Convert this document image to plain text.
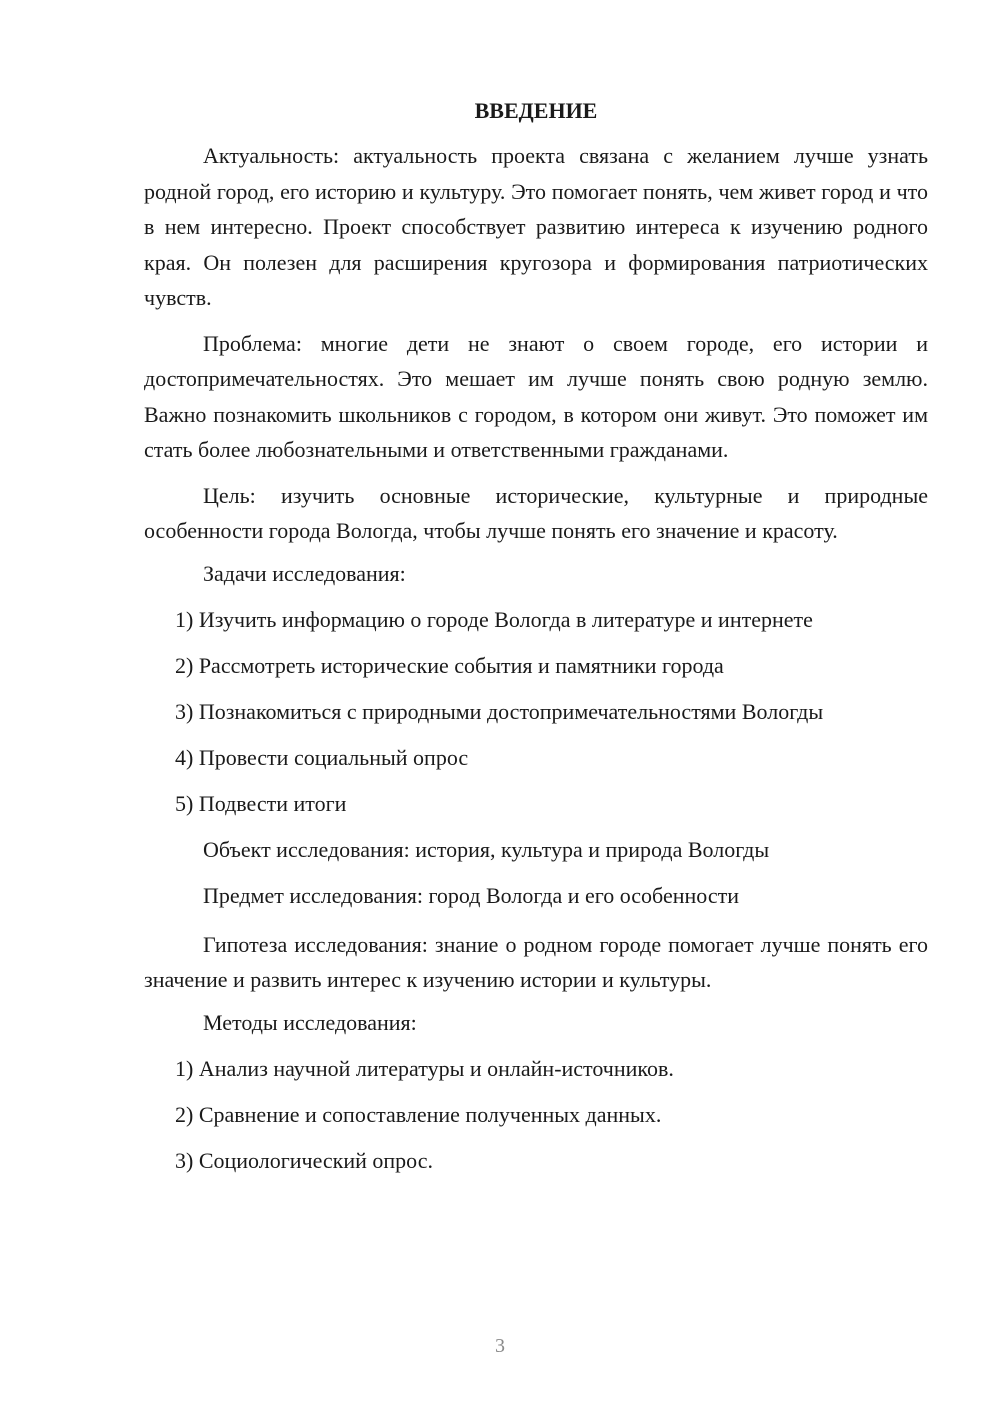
ВВЕДЕНИЕ

Актуальность: актуальность проекта связана с желанием лучше узнать родной город, его историю и культуру. Это помогает понять, чем живет город и что в нем интересно. Проект способствует развитию интереса к изучению родного края. Он полезен для расширения кругозора и формирования патриотических чувств.

Проблема: многие дети не знают о своем городе, его истории и достопримечательностях. Это мешает им лучше понять свою родную землю. Важно познакомить школьников с городом, в котором они живут. Это поможет им стать более любознательными и ответственными гражданами.

Цель: изучить основные исторические, культурные и природные особенности города Вологда, чтобы лучше понять его значение и красоту.

Задачи исследования:

1) Изучить информацию о городе Вологда в литературе и интернете

2) Рассмотреть исторические события и памятники города

3) Познакомиться с природными достопримечательностями Вологды

4) Провести социальный опрос

5) Подвести итоги

Объект исследования: история, культура и природа Вологды

Предмет исследования: город Вологда и его особенности

Гипотеза исследования: знание о родном городе помогает лучше понять его значение и развить интерес к изучению истории и культуры.

Методы исследования:

1) Анализ научной литературы и онлайн-источников.

2) Сравнение и сопоставление полученных данных.

3) Социологический опрос.

3
